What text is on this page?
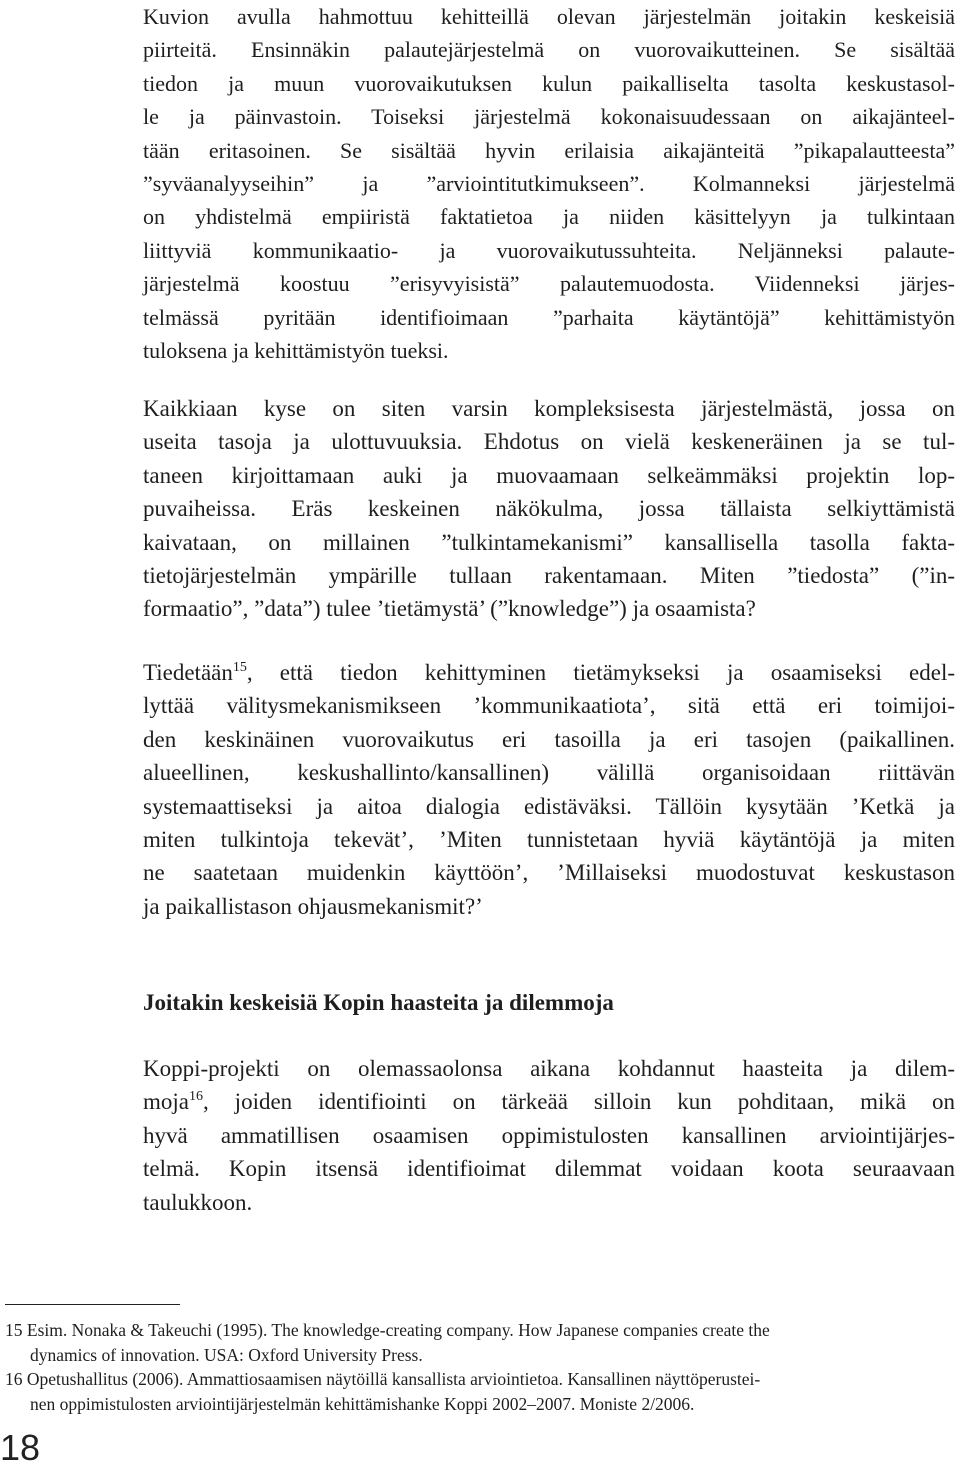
Kuvion avulla hahmottuu kehitteillä olevan järjestelmän joitakin keskeisiä
piirteitä. Ensinnäkin palautejärjestelmä on vuorovaikutteinen. Se sisältää
tiedon ja muun vuorovaikutuksen kulun paikalliselta tasolta keskustasol-
le ja päinvastoin. Toiseksi järjestelmä kokonaisuudessaan on aikajänteel-
tään eritasoinen. Se sisältää hyvin erilaisia aikajänteitä ”pikapalautteesta”
”syväanalyyseihin” ja ”arviointitutkimukseen”. Kolmanneksi järjestelmä
on yhdistelmä empiiristä faktatietoa ja niiden käsittelyyn ja tulkintaan
liittyviä kommunikaatio- ja vuorovaikutussuhteita. Neljänneksi palaute-
järjestelmä koostuu ”erisyvyisistä” palautemuodosta. Viidenneksi järjes-
telmässä pyritään identifioimaan ”parhaita käytäntöjä” kehittämistyön
tuloksena ja kehittämistyön tueksi.

Kaikkiaan kyse on siten varsin kompleksisesta järjestelmästä, jossa on
useita tasoja ja ulottuvuuksia. Ehdotus on vielä keskeneräinen ja se tul-
taneen kirjoittamaan auki ja muovaamaan selkeämmäksi projektin lop-
puvaiheissa. Eräs keskeinen näkökulma, jossa tällaista selkiyttämistä
kaivataan, on millainen ”tulkintamekanismi” kansallisella tasolla fakta-
tietojärjestelmän ympärille tullaan rakentamaan. Miten ”tiedosta” (”in-
formaatio”, ”data”) tulee ’tietämystä’ (”knowledge”) ja osaamista?

Tiedetään$^{15}$, että tiedon kehittyminen tietämykseksi ja osaamiseksi edel-
lyttää välitysmekanismikseen ’kommunikaatiota’, sitä että eri toimijoi-
den keskinäinen vuorovaikutus eri tasoilla ja eri tasojen (paikallinen.
alueellinen, keskushallinto/kansallinen) välillä organisoidaan riittävän
systemaattiseksi ja aitoa dialogia edistäväksi. Tällöin kysytään ’Ketkä ja
miten tulkintoja tekevät’, ’Miten tunnistetaan hyviä käytäntöjä ja miten
ne saatetaan muidenkin käyttöön’, ’Millaiseksi muodostuvat keskustason
ja paikallistason ohjausmekanismit?’

Joitakin keskeisiä Kopin haasteita ja dilemmoja

Koppi-projekti on olemassaolonsa aikana kohdannut haasteita ja dilem-
moja$^{16}$, joiden identifiointi on tärkeää silloin kun pohditaan, mikä on
hyvä ammatillisen osaamisen oppimistulosten kansallinen arviointijärjes-
telmä. Kopin itsensä identifioimat dilemmat voidaan koota seuraavaan
taulukkoon.

15 Esim. Nonaka & Takeuchi (1995). The knowledge-creating company. How Japanese companies create the
dynamics of innovation. USA: Oxford University Press.

16 Opetushallitus (2006). Ammattiosaamisen näytöillä kansallista arviointietoa. Kansallinen näyttöperustei-
nen oppimistulosten arviointijärjestelmän kehittämishanke Koppi 2002–2007. Moniste 2/2006.

18
